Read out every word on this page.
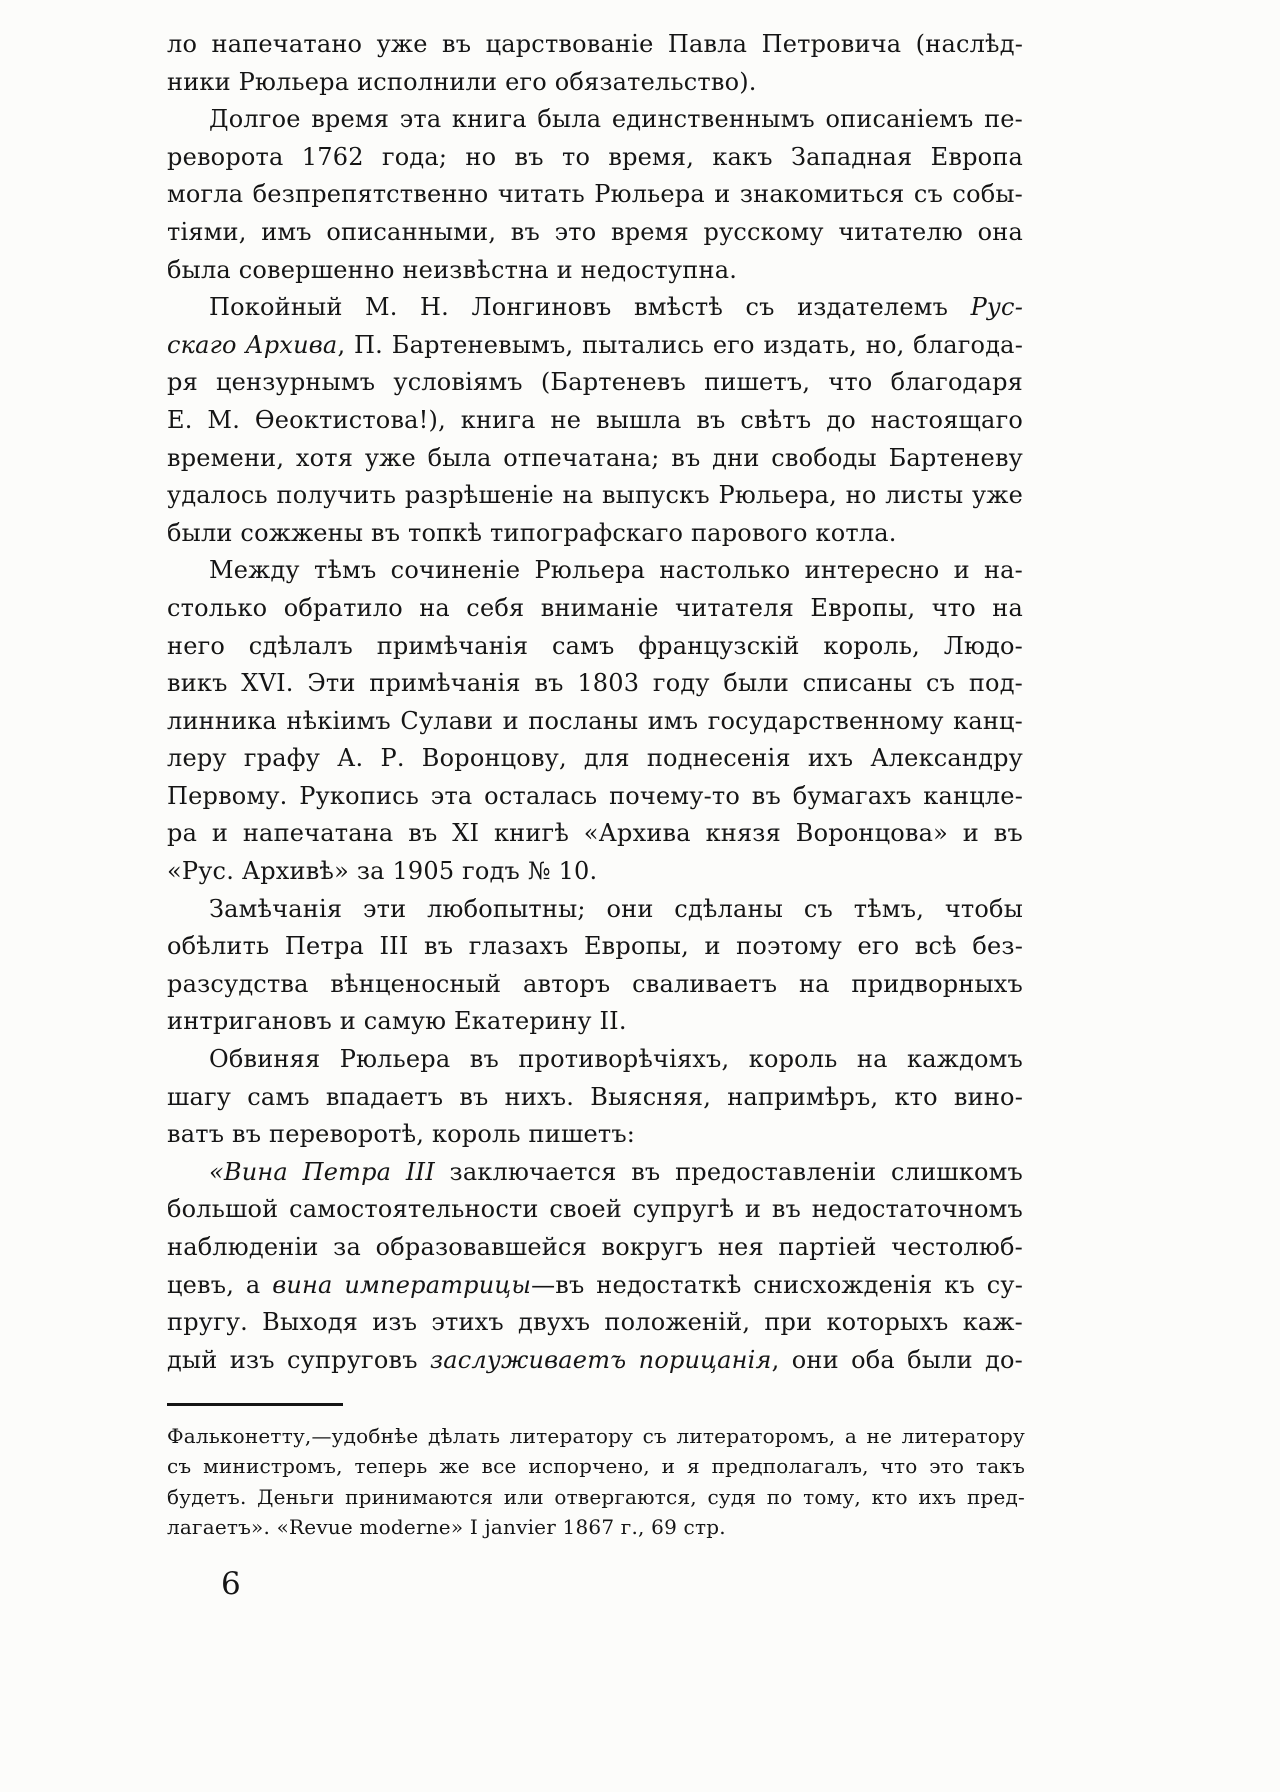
ло напечатано уже въ царствованіе Павла Петровича (наслѣд-
ники Рюльера исполнили его обязательство).
Долгое время эта книга была единственнымъ описаніемъ пе-
реворота 1762 года; но въ то время, какъ Западная Европа
могла безпрепятственно читать Рюльера и знакомиться съ собы-
тіями, имъ описанными, въ это время русскому читателю она
была совершенно неизвѣстна и недоступна.
Покойный М. Н. Лонгиновъ вмѣстѣ съ издателемъ Рус-
скаго Архива, П. Бартеневымъ, пытались его издать, но, благода-
ря цензурнымъ условіямъ (Бартеневъ пишетъ, что благодаря
Е. М. Ѳеоктистова!), книга не вышла въ свѣтъ до настоящаго
времени, хотя уже была отпечатана; въ дни свободы Бартеневу
удалось получить разрѣшеніе на выпускъ Рюльера, но листы уже
были сожжены въ топкѣ типографскаго парового котла.
Между тѣмъ сочиненіе Рюльера настолько интересно и на-
столько обратило на себя вниманіе читателя Европы, что на
него сдѣлалъ примѣчанія самъ французскій король, Людо-
викъ XVI. Эти примѣчанія въ 1803 году были списаны съ под-
линника нѣкіимъ Сулави и посланы имъ государственному канц-
леру графу А. Р. Воронцову, для поднесенія ихъ Александру
Первому. Рукопись эта осталась почему-то въ бумагахъ канцле-
ра и напечатана въ XI книгѣ «Архива князя Воронцова» и въ
«Рус. Архивѣ» за 1905 годъ № 10.
Замѣчанія эти любопытны; они сдѣланы съ тѣмъ, чтобы
обѣлить Петра III въ глазахъ Европы, и поэтому его всѣ без-
разсудства вѣнценосный авторъ сваливаетъ на придворныхъ
интригановъ и самую Екатерину II.
Обвиняя Рюльера въ противорѣчіяхъ, король на каждомъ
шагу самъ впадаетъ въ нихъ. Выясняя, напримѣръ, кто вино-
ватъ въ переворотѣ, король пишетъ:
«Вина Петра III заключается въ предоставленіи слишкомъ
большой самостоятельности своей супругѣ и въ недостаточномъ
наблюденіи за образовавшейся вокругъ нея партіей честолюб-
цевъ, а вина императрицы—въ недостаткѣ снисхожденія къ су-
пругу. Выходя изъ этихъ двухъ положеній, при которыхъ каж-
дый изъ супруговъ заслуживаетъ порицанія, они оба были до-
Фальконетту,—удобнѣе дѣлать литератору съ литераторомъ, а не литератору
съ министромъ, теперь же все испорчено, и я предполагалъ, что это такъ
будетъ. Деньги принимаются или отвергаются, судя по тому, кто ихъ пред-
лагаетъ». «Revue moderne» I janvier 1867 г., 69 стр.
6
